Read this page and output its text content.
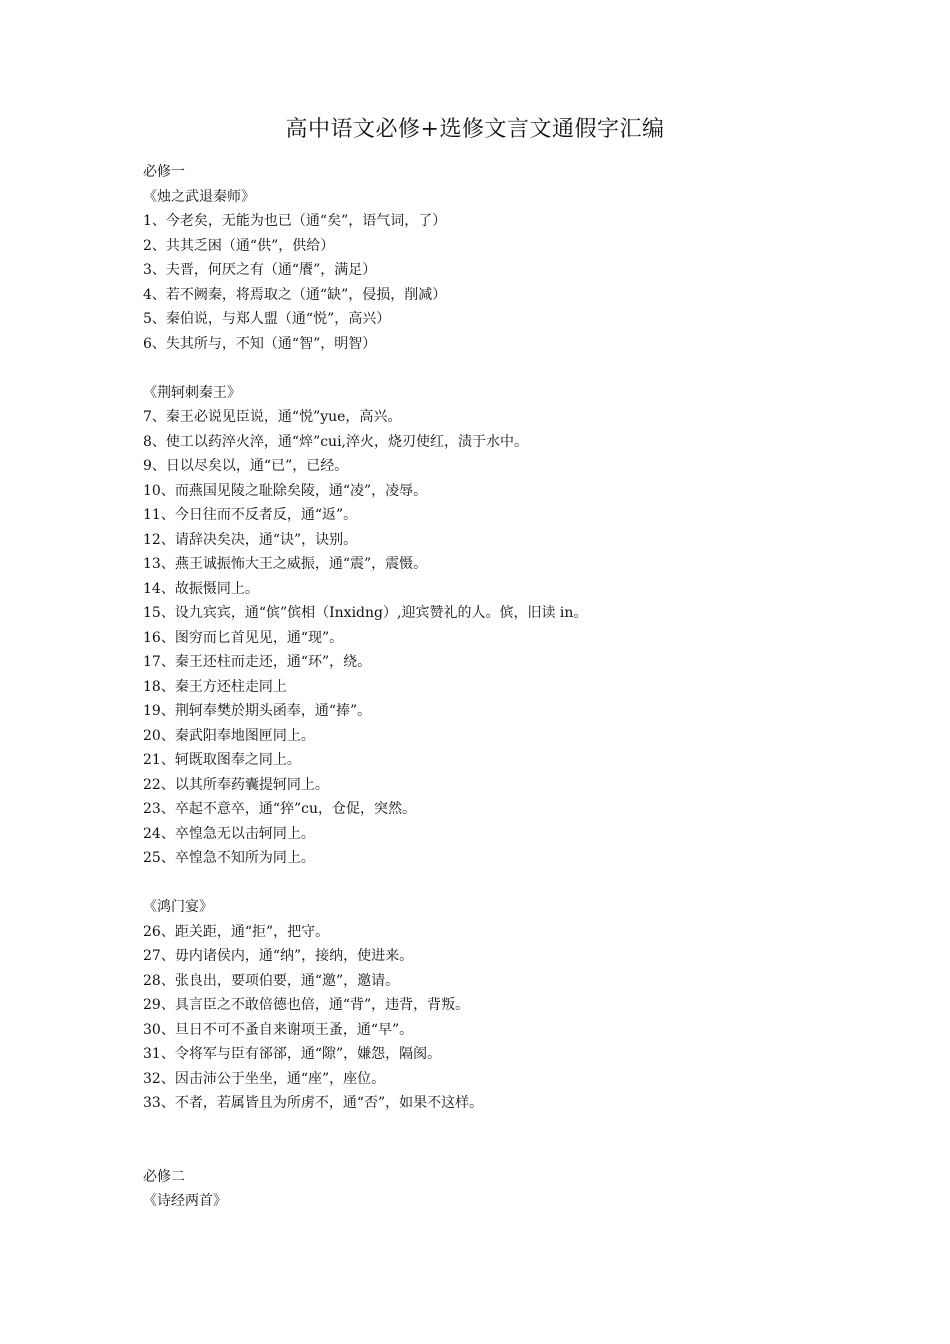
高中语文必修+选修文言文通假字汇编
必修一
《烛之武退秦师》
1、今老矣，无能为也已（通“矣”，语气词，了）
2、共其乏困（通“供”，供给）
3、夫晋，何厌之有（通“餍”，满足）
4、若不阙秦，将焉取之（通“缺”，侵损，削减）
5、秦伯说，与郑人盟（通“悦”，高兴）
6、失其所与，不知（通“智”，明智）
《荆轲刺秦王》
7、秦王必说见臣说，通“悦”yue，高兴。
8、使工以药淬火淬，通“焠”cui,淬火，烧刃使红，渍于水中。
9、日以尽矣以，通“已”，已经。
10、而燕国见陵之耻除矣陵，通“凌”，凌辱。
11、今日往而不反者反，通“返”。
12、请辞决矣决，通“诀”，诀别。
13、燕王诚振怖大王之威振，通“震”，震慑。
14、故振慑同上。
15、设九宾宾，通“傧”傧相（Inxidng）,迎宾赞礼的人。傧，旧读 in。
16、图穷而匕首见见，通“现”。
17、秦王还柱而走还，通“环”，绕。
18、秦王方还柱走同上
19、荆轲奉樊於期头函奉，通“捧”。
20、秦武阳奉地图匣同上。
21、轲既取图奉之同上。
22、以其所奉药囊提轲同上。
23、卒起不意卒，通“猝”cu，仓促，突然。
24、卒惶急无以击轲同上。
25、卒惶急不知所为同上。
《鸿门宴》
26、距关距，通“拒”，把守。
27、毋内诸侯内，通“纳”，接纳，使进来。
28、张良出，要项伯要，通“邀”，邀请。
29、具言臣之不敢倍德也倍，通“背”，违背，背叛。
30、旦日不可不蚤自来谢项王蚤，通“早”。
31、令将军与臣有郤郤，通“隙”，嫌怨，隔阂。
32、因击沛公于坐坐，通“座”，座位。
33、不者，若属皆且为所虏不，通“否”，如果不这样。
必修二
《诗经两首》
